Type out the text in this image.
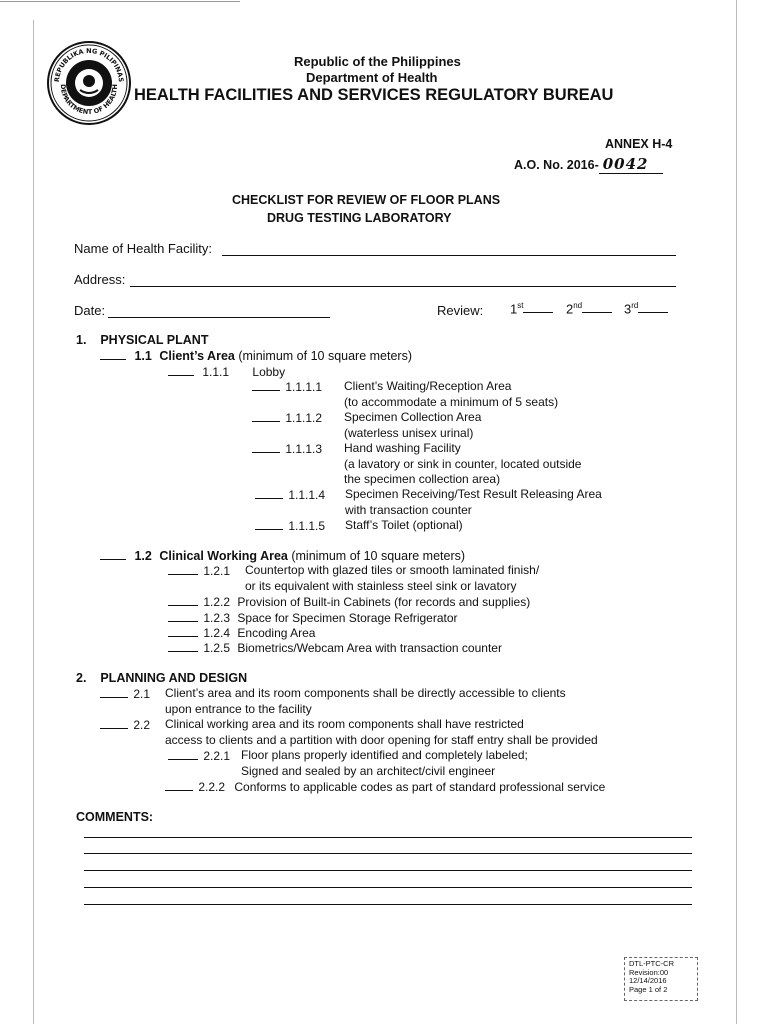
REPUBLIKA NG PILIPINAS
DEPARTMENT OF HEALTH
Republic of the Philippines
Department of Health
HEALTH FACILITIES AND SERVICES REGULATORY BUREAU
ANNEX H-4
A.O. No. 2016- 0042
CHECKLIST FOR REVIEW OF FLOOR PLANS
DRUG TESTING LABORATORY
Name of Health Facility:
Address:
Date:	Review: 1st	2nd	3rd
1. PHYSICAL PLANT
1.1 Client’s Area (minimum of 10 square meters)
1.1.1 Lobby
1.1.1.1 Client’s Waiting/Reception Area
(to accommodate a minimum of 5 seats)
1.1.1.2 Specimen Collection Area
(waterless unisex urinal)
1.1.1.3 Hand washing Facility
(a lavatory or sink in counter, located outside
the specimen collection area)
1.1.1.4 Specimen Receiving/Test Result Releasing Area
with transaction counter
1.1.1.5 Staff’s Toilet (optional)
1.2 Clinical Working Area (minimum of 10 square meters)
1.2.1 Countertop with glazed tiles or smooth laminated finish/
or its equivalent with stainless steel sink or lavatory
1.2.2 Provision of Built-in Cabinets (for records and supplies)
1.2.3 Space for Specimen Storage Refrigerator
1.2.4 Encoding Area
1.2.5 Biometrics/Webcam Area with transaction counter
2. PLANNING AND DESIGN
2.1 Client’s area and its room components shall be directly accessible to clients
upon entrance to the facility
2.2 Clinical working area and its room components shall have restricted
access to clients and a partition with door opening for staff entry shall be provided
2.2.1 Floor plans properly identified and completely labeled;
Signed and sealed by an architect/civil engineer
2.2.2 Conforms to applicable codes as part of standard professional service
COMMENTS:
DTL-PTC-CR
Revision:00
12/14/2016
Page 1 of 2
